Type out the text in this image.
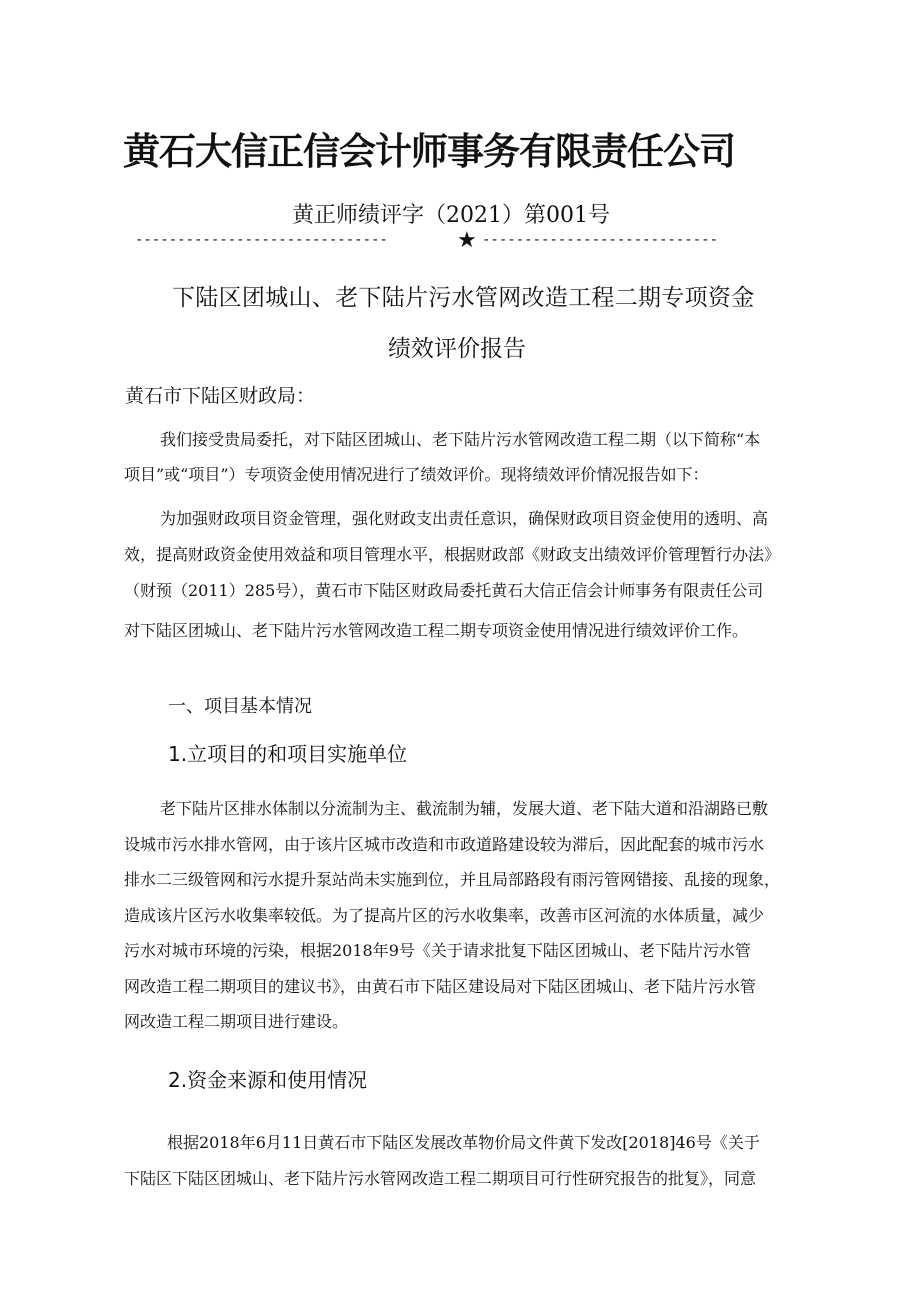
黄石大信正信会计师事务有限责任公司
黄正师绩评字（2021）第001号
------------------------------	★ ----------------------------
下陆区团城山、老下陆片污水管网改造工程二期专项资金
绩效评价报告
黄石市下陆区财政局：
我们接受贵局委托，对下陆区团城山、老下陆片污水管网改造工程二期（以下简称“本
项目”或“项目”）专项资金使用情况进行了绩效评价。现将绩效评价情况报告如下：
为加强财政项目资金管理，强化财政支出责任意识，确保财政项目资金使用的透明、高
效，提高财政资金使用效益和项目管理水平，根据财政部《财政支出绩效评价管理暂行办法》
（财预（2011）285号），黄石市下陆区财政局委托黄石大信正信会计师事务有限责任公司
对下陆区团城山、老下陆片污水管网改造工程二期专项资金使用情况进行绩效评价工作。
一、项目基本情况
1.立项目的和项目实施单位
老下陆片区排水体制以分流制为主、截流制为辅，发展大道、老下陆大道和沿湖路已敷
设城市污水排水管网，由于该片区城市改造和市政道路建设较为滞后，因此配套的城市污水
排水二三级管网和污水提升泵站尚未实施到位，并且局部路段有雨污管网错接、乱接的现象，
造成该片区污水收集率较低。为了提高片区的污水收集率，改善市区河流的水体质量，减少
污水对城市环境的污染，根据2018年9号《关于请求批复下陆区团城山、老下陆片污水管
网改造工程二期项目的建议书》，由黄石市下陆区建设局对下陆区团城山、老下陆片污水管
网改造工程二期项目进行建设。
2.资金来源和使用情况
根据2018年6月11日黄石市下陆区发展改革物价局文件黄下发改[2018]46号《关于
下陆区下陆区团城山、老下陆片污水管网改造工程二期项目可行性研究报告的批复》，同意
